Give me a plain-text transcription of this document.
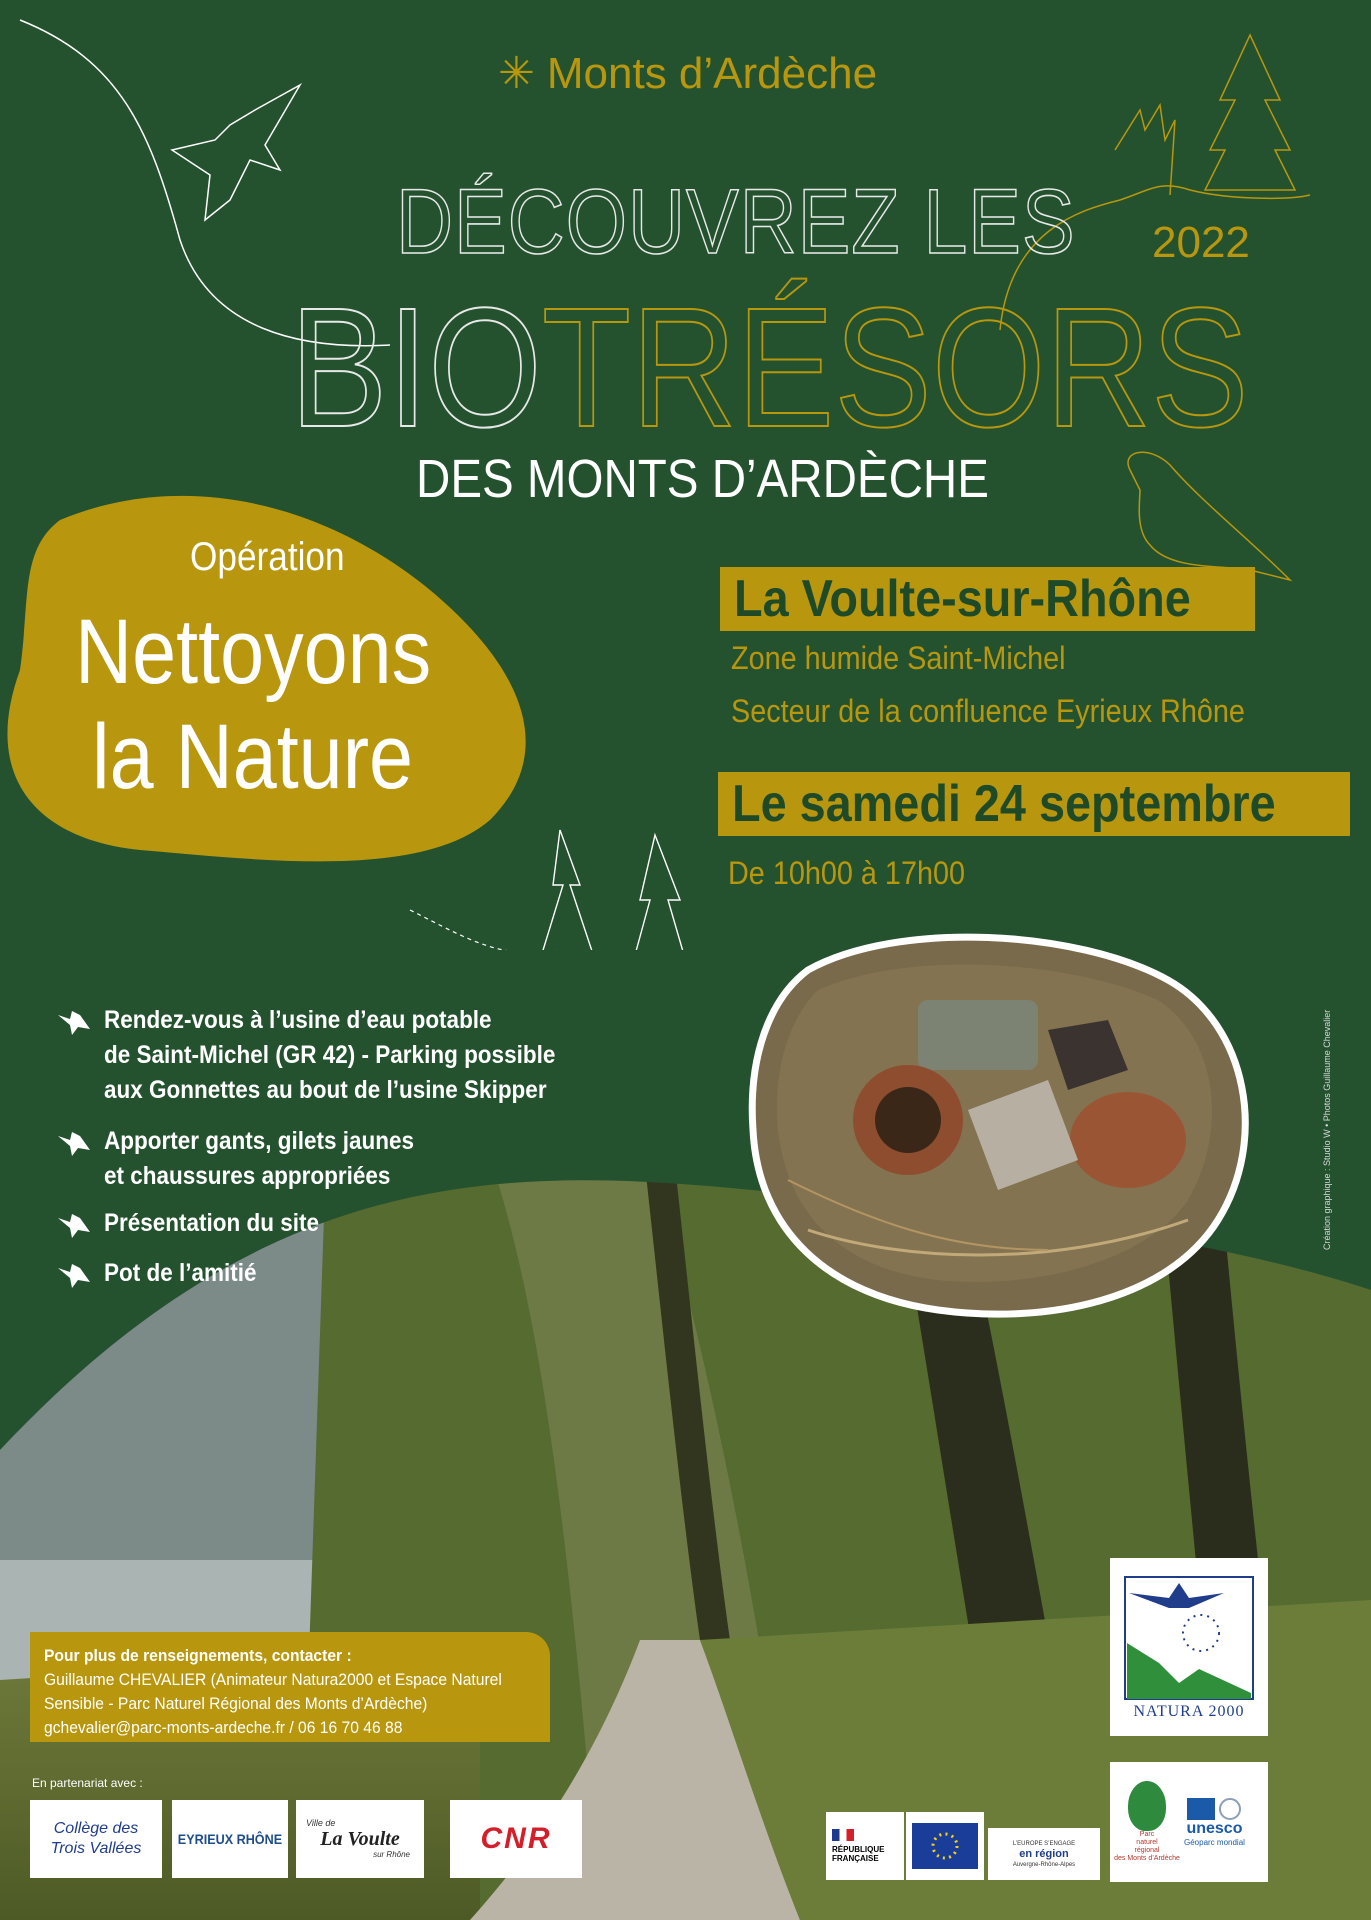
✳ Monts d’Ardèche
DÉCOUVREZ LES
BIOTRÉSORS
DES MONTS D’ARDÈCHE
2022
Opération
Nettoyons
la Nature
La Voulte-sur-Rhône
Zone humide Saint-Michel
Secteur de la confluence Eyrieux Rhône
Le samedi 24 septembre
De 10h00 à 17h00
Rendez-vous à l’usine d’eau potable
de Saint-Michel (GR 42) - Parking possible
aux Gonnettes au bout de l’usine Skipper
Apporter gants, gilets jaunes
et chaussures appropriées
Présentation du site
Pot de l’amitié
Pour plus de renseignements, contacter :
Guillaume CHEVALIER (Animateur Natura2000 et Espace Naturel
Sensible - Parc Naturel Régional des Monts d’Ardèche)
gchevalier@parc-monts-ardeche.fr / 06 16 70 46 88
En partenariat avec :
Collège des
Trois Vallées
EYRIEUX RHÔNE
Ville de
La Voulte
sur Rhône CNR	RÉPUBLIQUE
FRANÇAISE
L’EUROPE S’ENGAGE
en région
Auvergne-Rhône-Alpes
NATURA 2000
Parc
naturel
régional
des Monts d’Ardèche
unesco
Géoparc mondial
Création graphique : Studio W • Photos Guillaume Chevalier
